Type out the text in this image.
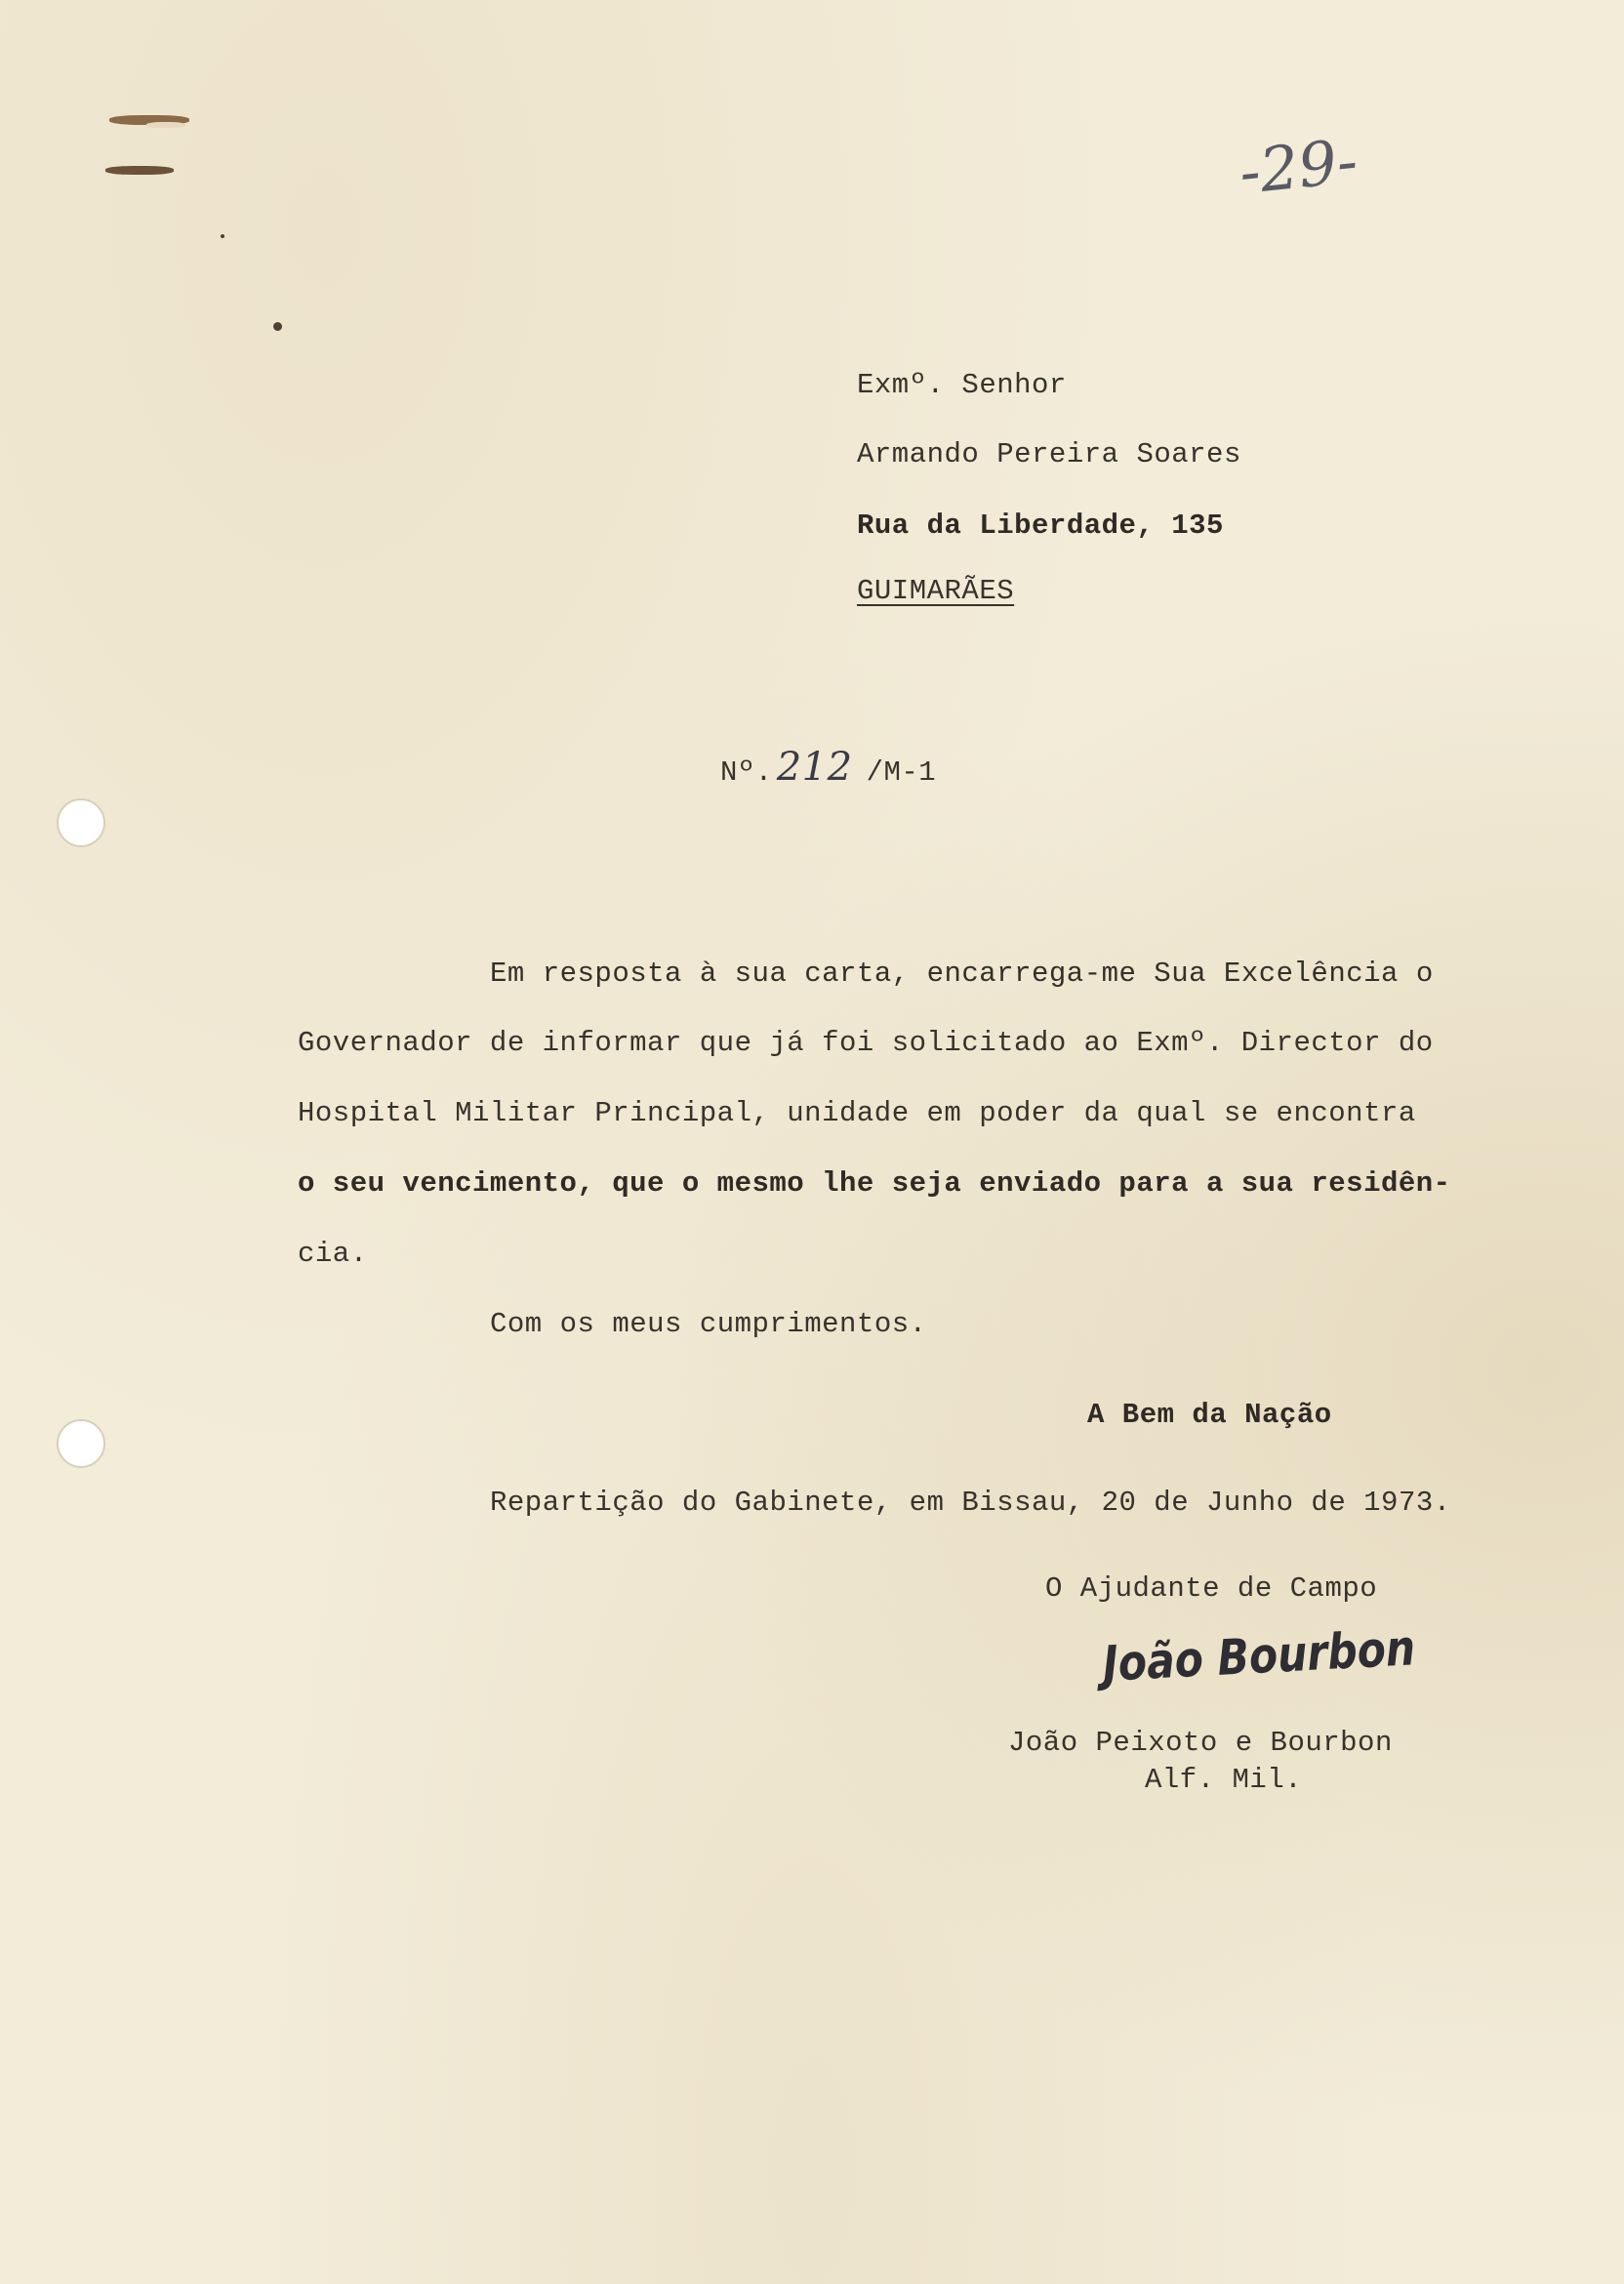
-29-
Exmº. Senhor
Armando Pereira Soares
Rua da Liberdade, 135
GUIMARÃES
Nº. 212 /M-1
Em resposta à sua carta, encarrega-me Sua Excelência o
Governador de informar que já foi solicitado ao Exmº. Director do
Hospital Militar Principal, unidade em poder da qual se encontra
o seu vencimento, que o mesmo lhe seja enviado para a sua residên-
cia.
Com os meus cumprimentos.
A Bem da Nação
Repartição do Gabinete, em Bissau, 20 de Junho de 1973.
O Ajudante de Campo
João Bourbon
João Peixoto e Bourbon
Alf. Mil.
